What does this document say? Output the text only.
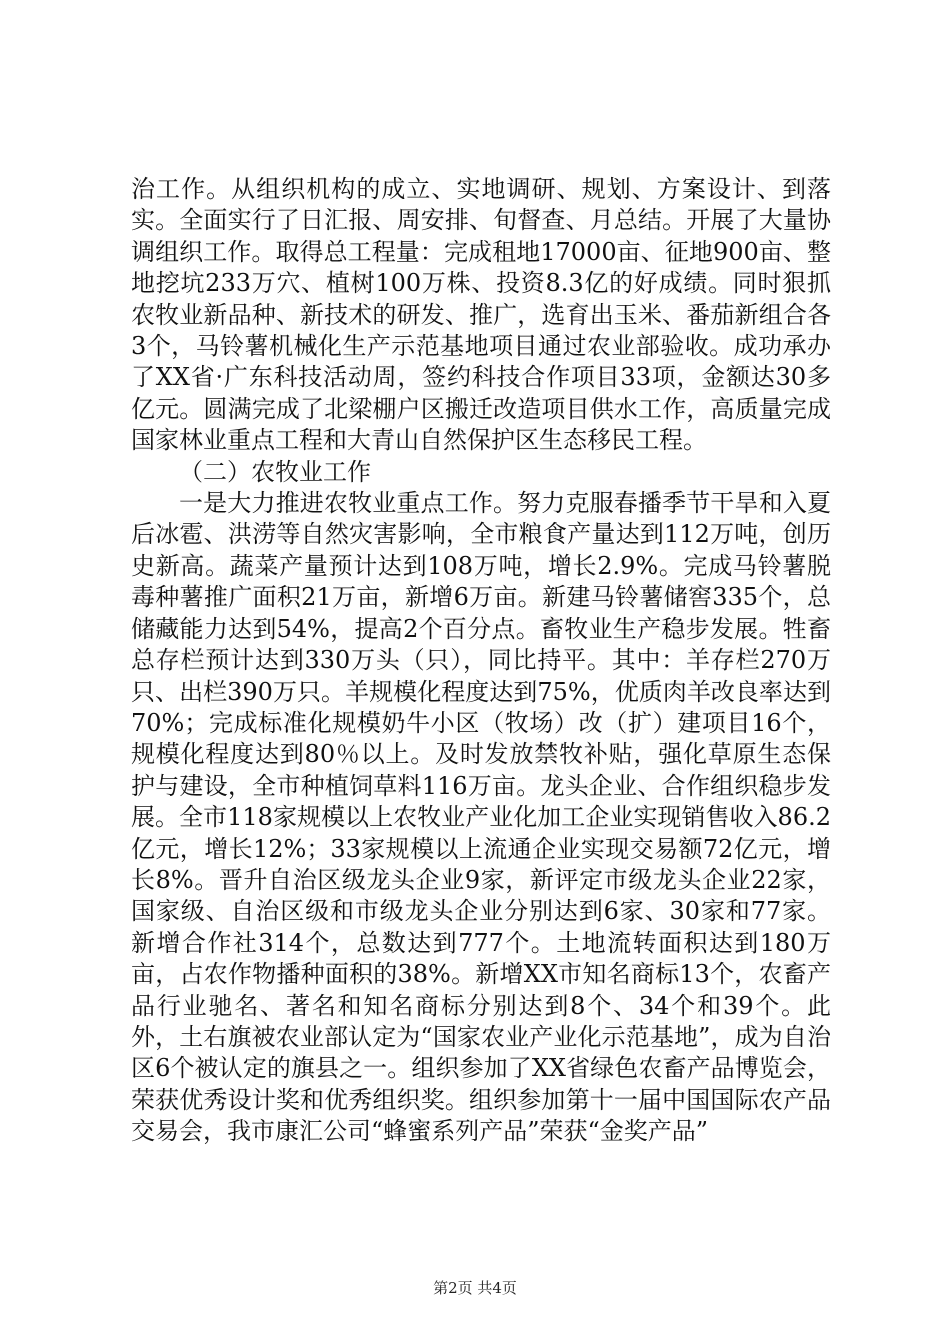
治工作。从组织机构的成立、实地调研、规划、方案设计、到落实。全面实行了日汇报、周安排、旬督查、月总结。开展了大量协调组织工作。取得总工程量：完成租地17000亩、征地900亩、整地挖坑233万穴、植树100万株、投资8.3亿的好成绩。同时狠抓农牧业新品种、新技术的研发、推广，选育出玉米、番茄新组合各3个，马铃薯机械化生产示范基地项目通过农业部验收。成功承办了XX省·广东科技活动周，签约科技合作项目33项，金额达30多亿元。圆满完成了北梁棚户区搬迁改造项目供水工作，高质量完成国家林业重点工程和大青山自然保护区生态移民工程。

（二）农牧业工作

一是大力推进农牧业重点工作。努力克服春播季节干旱和入夏后冰雹、洪涝等自然灾害影响，全市粮食产量达到112万吨，创历史新高。蔬菜产量预计达到108万吨，增长2.9%。完成马铃薯脱毒种薯推广面积21万亩，新增6万亩。新建马铃薯储窖335个，总储藏能力达到54%，提高2个百分点。畜牧业生产稳步发展。牲畜总存栏预计达到330万头（只），同比持平。其中：羊存栏270万只、出栏390万只。羊规模化程度达到75%，优质肉羊改良率达到70%；完成标准化规模奶牛小区（牧场）改（扩）建项目16个，规模化程度达到80％以上。及时发放禁牧补贴，强化草原生态保护与建设，全市种植饲草料116万亩。龙头企业、合作组织稳步发展。全市118家规模以上农牧业产业化加工企业实现销售收入86.2亿元，增长12%；33家规模以上流通企业实现交易额72亿元，增长8%。晋升自治区级龙头企业9家，新评定市级龙头企业22家，国家级、自治区级和市级龙头企业分别达到6家、30家和77家。新增合作社314个，总数达到777个。土地流转面积达到180万亩，占农作物播种面积的38%。新增XX市知名商标13个，农畜产品行业驰名、著名和知名商标分别达到8个、34个和39个。此外，土右旗被农业部认定为“国家农业产业化示范基地”，成为自治区6个被认定的旗县之一。组织参加了XX省绿色农畜产品博览会，荣获优秀设计奖和优秀组织奖。组织参加第十一届中国国际农产品交易会，我市康汇公司“蜂蜜系列产品”荣获“金奖产品”

第2页 共4页
